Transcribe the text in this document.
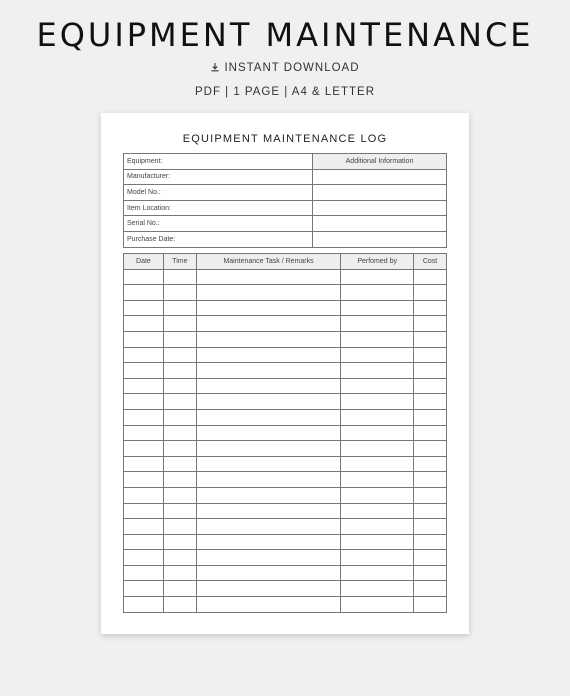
EQUIPMENT MAINTENANCE
INSTANT DOWNLOAD
PDF | 1 PAGE | A4 & LETTER
EQUIPMENT MAINTENANCE LOG
Equipment:	Additional Information
Manufacturer:	
Model No.:	
Item Location:	
Serial No.:	
Purchase Date:	
Date	Time	Maintenance Task / Remarks	Perfomed by	Cost
